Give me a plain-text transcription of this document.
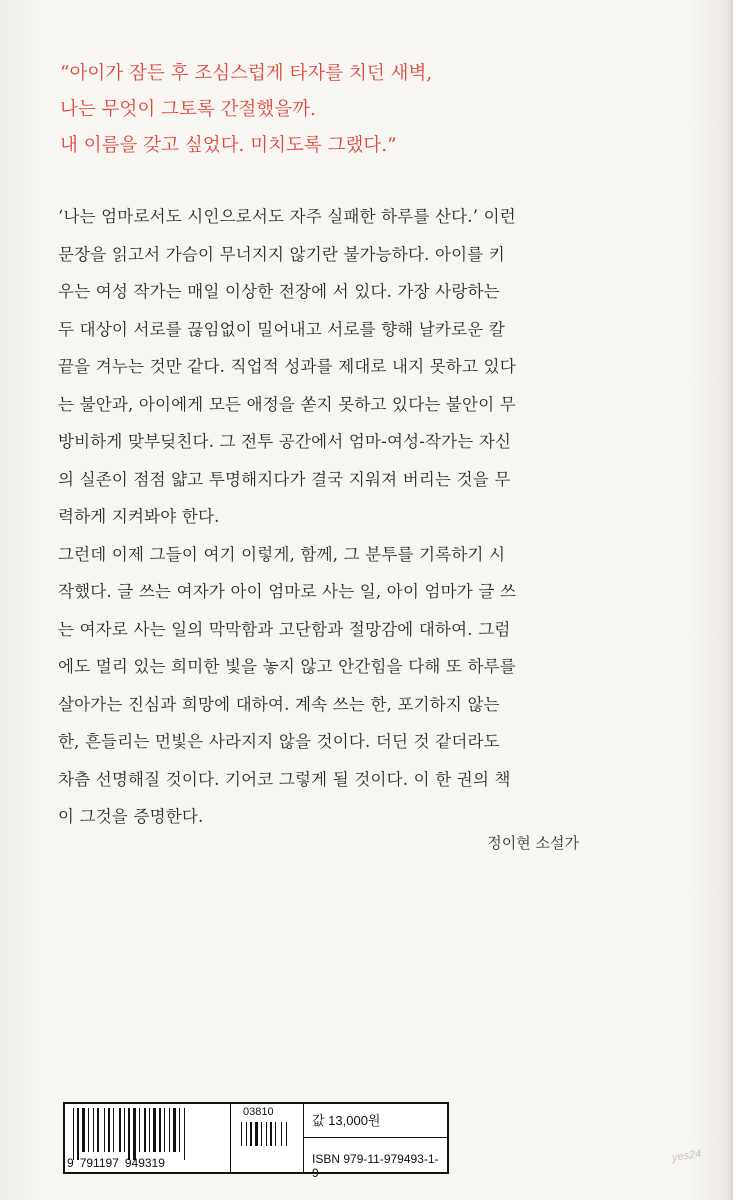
“아이가 잠든 후 조심스럽게 타자를 치던 새벽,
나는 무엇이 그토록 간절했을까.
내 이름을 갖고 싶었다. 미치도록 그랬다.”
‘나는 엄마로서도 시인으로서도 자주 실패한 하루를 산다.’ 이런
문장을 읽고서 가슴이 무너지지 않기란 불가능하다. 아이를 키
우는 여성 작가는 매일 이상한 전장에 서 있다. 가장 사랑하는
두 대상이 서로를 끊임없이 밀어내고 서로를 향해 날카로운 칼
끝을 겨누는 것만 같다. 직업적 성과를 제대로 내지 못하고 있다
는 불안과, 아이에게 모든 애정을 쏟지 못하고 있다는 불안이 무
방비하게 맞부딪친다. 그 전투 공간에서 엄마-여성-작가는 자신
의 실존이 점점 얇고 투명해지다가 결국 지워져 버리는 것을 무
력하게 지켜봐야 한다.
그런데 이제 그들이 여기 이렇게, 함께, 그 분투를 기록하기 시
작했다. 글 쓰는 여자가 아이 엄마로 사는 일, 아이 엄마가 글 쓰
는 여자로 사는 일의 막막함과 고단함과 절망감에 대하여. 그럼
에도 멀리 있는 희미한 빛을 놓지 않고 안간힘을 다해 또 하루를
살아가는 진심과 희망에 대하여. 계속 쓰는 한, 포기하지 않는
한, 흔들리는 먼빛은 사라지지 않을 것이다. 더딘 것 같더라도
차츰 선명해질 것이다. 기어코 그렇게 될 것이다. 이 한 권의 책
이 그것을 증명한다.
정이현 소설가
9 791197 949319
03810
값 13,000원
ISBN 979-11-979493-1-9
yes24
